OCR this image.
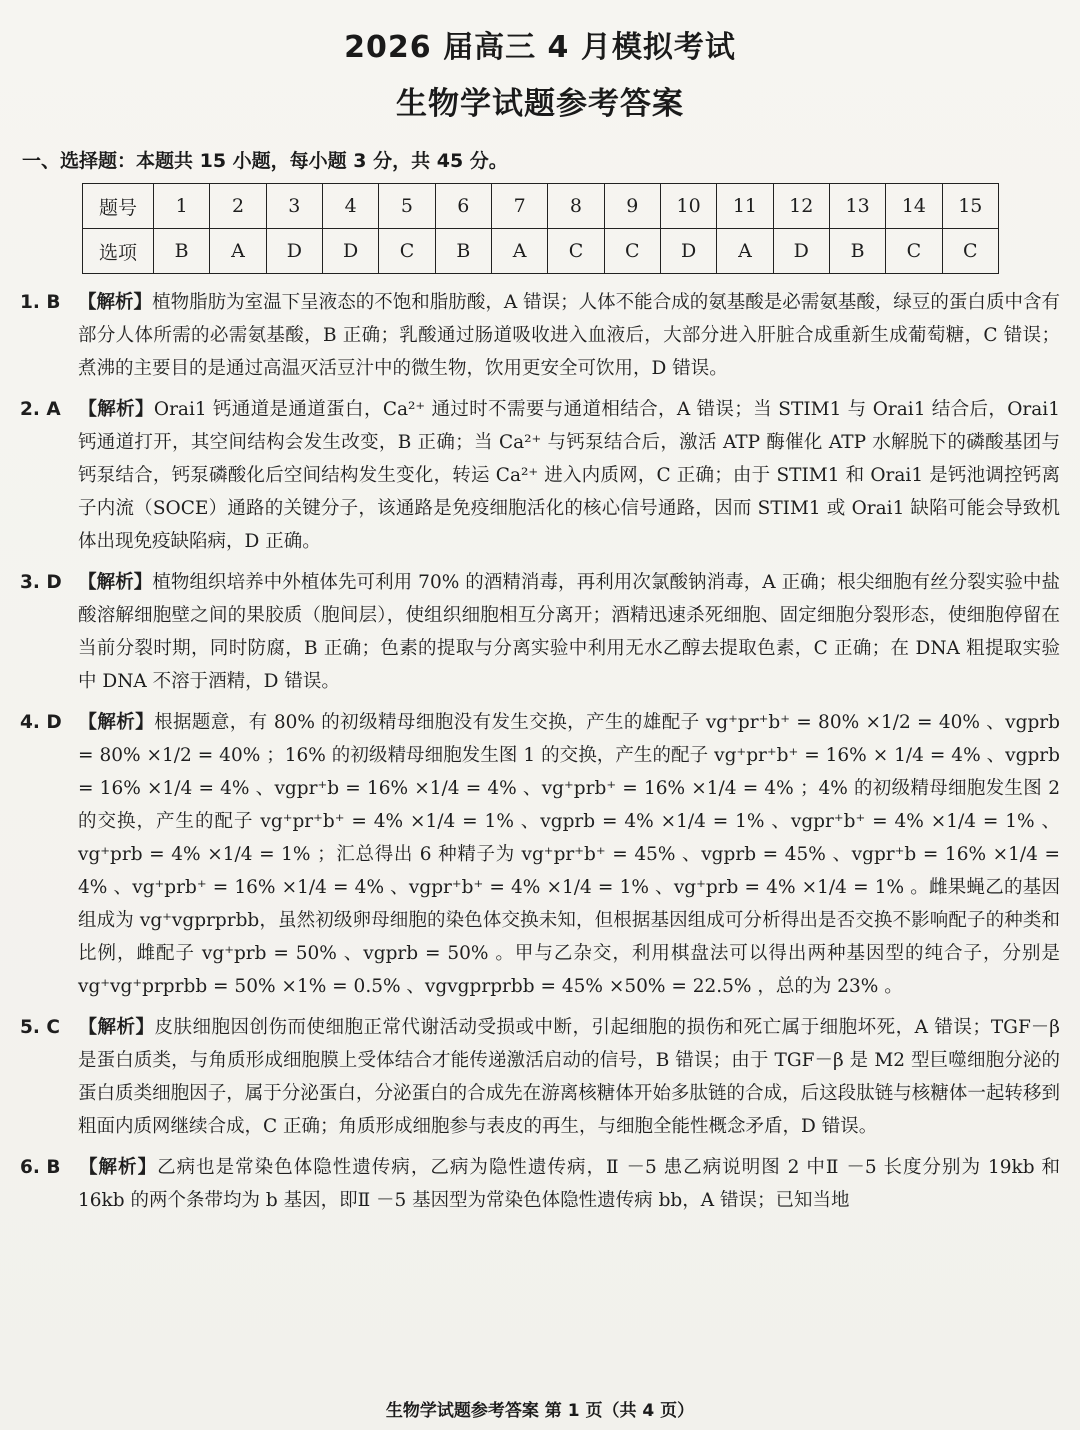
2026 届高三 4 月模拟考试
生物学试题参考答案
一、选择题：本题共 15 小题，每小题 3 分，共 45 分。
题号	1	2	3	4	5	6	7	8	9	10	11	12	13	14	15
选项	B	A	D	D	C	B	A	C	C	D	A	D	B	C	C

1. B 【解析】植物脂肪为室温下呈液态的不饱和脂肪酸，A 错误；人体不能合成的氨基酸是必需氨基酸，绿豆的蛋白质中含有部分人体所需的必需氨基酸，B 正确；乳酸通过肠道吸收进入血液后，大部分进入肝脏合成重新生成葡萄糖，C 错误；煮沸的主要目的是通过高温灭活豆汁中的微生物，饮用更安全可饮用，D 错误。

2. A 【解析】Orai1 钙通道是通道蛋白，Ca²⁺ 通过时不需要与通道相结合，A 错误；当 STIM1 与 Orai1 结合后，Orai1 钙通道打开，其空间结构会发生改变，B 正确；当 Ca²⁺ 与钙泵结合后，激活 ATP 酶催化 ATP 水解脱下的磷酸基团与钙泵结合，钙泵磷酸化后空间结构发生变化，转运 Ca²⁺ 进入内质网，C 正确；由于 STIM1 和 Orai1 是钙池调控钙离子内流（SOCE）通路的关键分子，该通路是免疫细胞活化的核心信号通路，因而 STIM1 或 Orai1 缺陷可能会导致机体出现免疫缺陷病，D 正确。

3. D 【解析】植物组织培养中外植体先可利用 70% 的酒精消毒，再利用次氯酸钠消毒，A 正确；根尖细胞有丝分裂实验中盐酸溶解细胞壁之间的果胶质（胞间层），使组织细胞相互分离开；酒精迅速杀死细胞、固定细胞分裂形态，使细胞停留在当前分裂时期，同时防腐，B 正确；色素的提取与分离实验中利用无水乙醇去提取色素，C 正确；在 DNA 粗提取实验中 DNA 不溶于酒精，D 错误。

4. D 【解析】根据题意，有 80% 的初级精母细胞没有发生交换，产生的雄配子 vg⁺pr⁺b⁺ = 80% ×1/2 = 40% 、vgprb = 80% ×1/2 = 40% ；16% 的初级精母细胞发生图 1 的交换，产生的配子 vg⁺pr⁺b⁺ = 16% × 1/4 = 4% 、vgprb = 16% ×1/4 = 4% 、vgpr⁺b = 16% ×1/4 = 4% 、vg⁺prb⁺ = 16% ×1/4 = 4% ；4% 的初级精母细胞发生图 2 的交换，产生的配子 vg⁺pr⁺b⁺ = 4% ×1/4 = 1% 、vgprb = 4% ×1/4 = 1% 、vgpr⁺b⁺ = 4% ×1/4 = 1% 、vg⁺prb = 4% ×1/4 = 1% ；汇总得出 6 种精子为 vg⁺pr⁺b⁺ = 45% 、vgprb = 45% 、vgpr⁺b = 16% ×1/4 = 4% 、vg⁺prb⁺ = 16% ×1/4 = 4% 、vgpr⁺b⁺ = 4% ×1/4 = 1% 、vg⁺prb = 4% ×1/4 = 1% 。雌果蝇乙的基因组成为 vg⁺vgprprbb，虽然初级卵母细胞的染色体交换未知，但根据基因组成可分析得出是否交换不影响配子的种类和比例，雌配子 vg⁺prb = 50% 、vgprb = 50% 。甲与乙杂交，利用棋盘法可以得出两种基因型的纯合子，分别是 vg⁺vg⁺prprbb = 50% ×1% = 0.5% 、vgvgprprbb = 45% ×50% = 22.5% ，总的为 23% 。

5. C 【解析】皮肤细胞因创伤而使细胞正常代谢活动受损或中断，引起细胞的损伤和死亡属于细胞坏死，A 错误；TGF－β 是蛋白质类，与角质形成细胞膜上受体结合才能传递激活启动的信号，B 错误；由于 TGF－β 是 M2 型巨噬细胞分泌的蛋白质类细胞因子，属于分泌蛋白，分泌蛋白的合成先在游离核糖体开始多肽链的合成，后这段肽链与核糖体一起转移到粗面内质网继续合成，C 正确；角质形成细胞参与表皮的再生，与细胞全能性概念矛盾，D 错误。

6. B 【解析】乙病也是常染色体隐性遗传病，乙病为隐性遗传病，Ⅱ －5 患乙病说明图 2 中Ⅱ －5 长度分别为 19kb 和 16kb 的两个条带均为 b 基因，即Ⅱ －5 基因型为常染色体隐性遗传病 bb，A 错误；已知当地

生物学试题参考答案 第 1 页（共 4 页）
